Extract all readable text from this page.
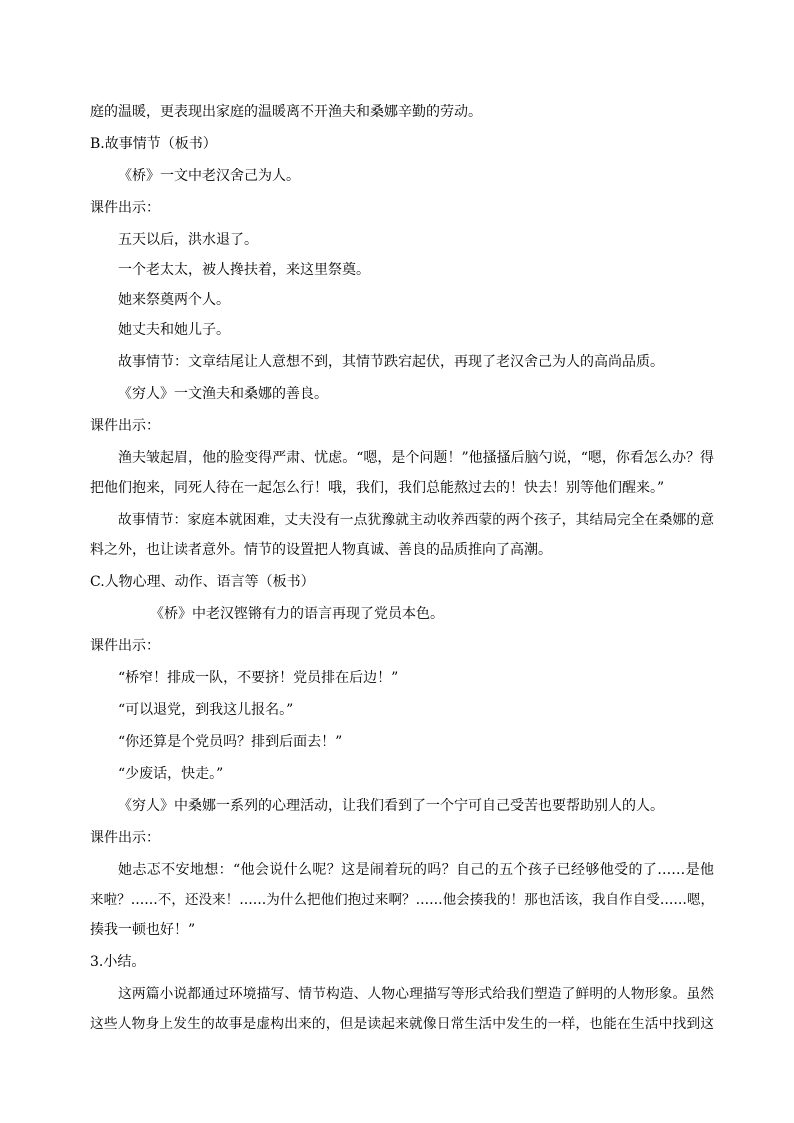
庭的温暖，更表现出家庭的温暖离不开渔夫和桑娜辛勤的劳动。
B.故事情节（板书）
《桥》一文中老汉舍己为人。
课件出示：
五天以后，洪水退了。
一个老太太，被人搀扶着，来这里祭奠。
她来祭奠两个人。
她丈夫和她儿子。
故事情节：文章结尾让人意想不到，其情节跌宕起伏，再现了老汉舍己为人的高尚品质。
《穷人》一文渔夫和桑娜的善良。
课件出示：
渔夫皱起眉，他的脸变得严肃、忧虑。“嗯，是个问题！”他搔搔后脑勺说，“嗯，你看怎么办？得
把他们抱来，同死人待在一起怎么行！哦，我们，我们总能熬过去的！快去！别等他们醒来。”
故事情节：家庭本就困难，丈夫没有一点犹豫就主动收养西蒙的两个孩子，其结局完全在桑娜的意
料之外，也让读者意外。情节的设置把人物真诚、善良的品质推向了高潮。
C.人物心理、动作、语言等（板书）
《桥》中老汉铿锵有力的语言再现了党员本色。
课件出示：
“桥窄！排成一队，不要挤！党员排在后边！”
“可以退党，到我这儿报名。”
“你还算是个党员吗？排到后面去！”
“少废话，快走。”
《穷人》中桑娜一系列的心理活动，让我们看到了一个宁可自己受苦也要帮助别人的人。
课件出示：
她忐忑不安地想：“他会说什么呢？这是闹着玩的吗？自己的五个孩子已经够他受的了……是他
来啦？……不，还没来！……为什么把他们抱过来啊？……他会揍我的！那也活该，我自作自受……嗯，
揍我一顿也好！”
3.小结。
这两篇小说都通过环境描写、情节构造、人物心理描写等形式给我们塑造了鲜明的人物形象。虽然
这些人物身上发生的故事是虚构出来的，但是读起来就像日常生活中发生的一样，也能在生活中找到这
